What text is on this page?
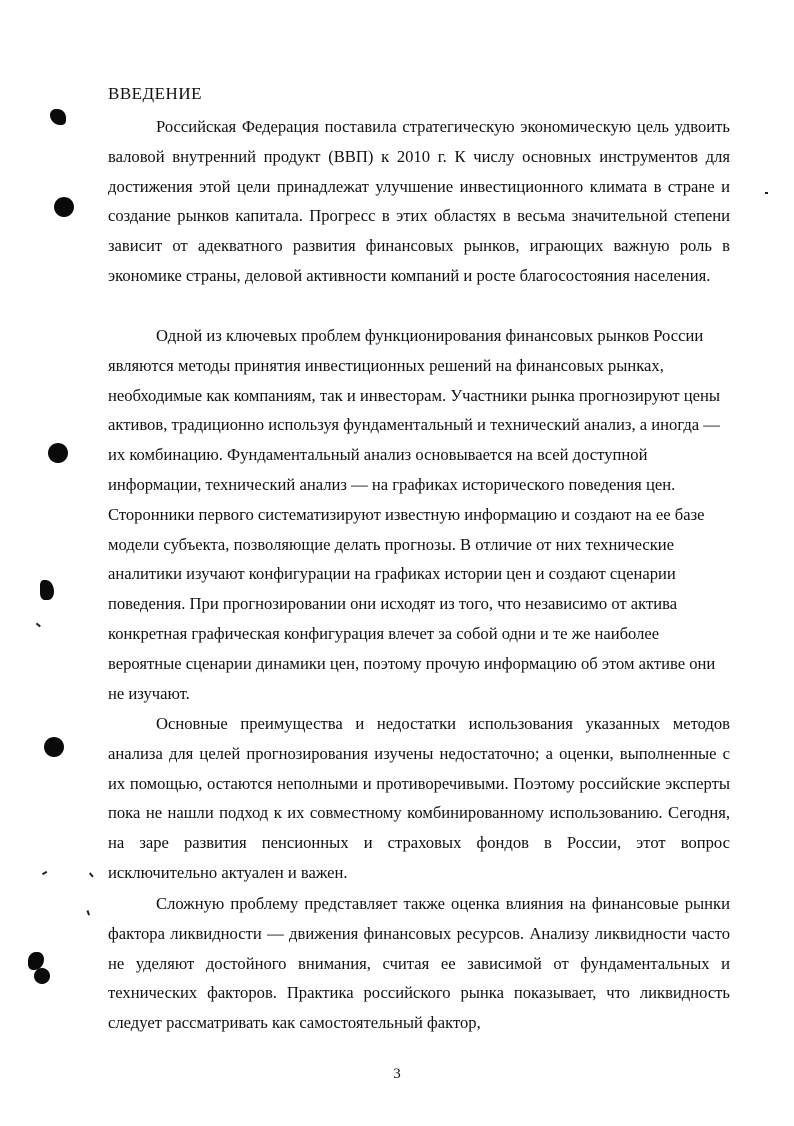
ВВЕДЕНИЕ

Российская Федерация поставила стратегическую экономическую цель удвоить валовой внутренний продукт (ВВП) к 2010 г. К числу основных инструментов для достижения этой цели принадлежат улучшение инвестиционного климата в стране и создание рынков капитала. Прогресс в этих областях в весьма значительной степени зависит от адекватного развития финансовых рынков, играющих важную роль в экономике страны, деловой активности компаний и росте благосостояния населения.

Одной из ключевых проблем функционирования финансовых рынков России являются методы принятия инвестиционных решений на финансовых рынках, необходимые как компаниям, так и инвесторам. Участники рынка прогнозируют цены активов, традиционно используя фундаментальный и технический анализ, а иногда — их комбинацию. Фундаментальный анализ основывается на всей доступной информации, технический анализ — на графиках исторического поведения цен. Сторонники первого систематизируют известную информацию и создают на ее базе модели субъекта, позволяющие делать прогнозы. В отличие от них технические аналитики изучают конфигурации на графиках истории цен и создают сценарии поведения. При прогнозировании они исходят из того, что независимо от актива конкретная графическая конфигурация влечет за собой одни и те же наиболее вероятные сценарии динамики цен, поэтому прочую информацию об этом активе они не изучают.

Основные преимущества и недостатки использования указанных методов анализа для целей прогнозирования изучены недостаточно; а оценки, выполненные с их помощью, остаются неполными и противоречивыми. Поэтому российские эксперты пока не нашли подход к их совместному комбинированному использованию. Сегодня, на заре развития пенсионных и страховых фондов в России, этот вопрос исключительно актуален и важен.

Сложную проблему представляет также оценка влияния на финансовые рынки фактора ликвидности — движения финансовых ресурсов. Анализу ликвидности часто не уделяют достойного внимания, считая ее зависимой от фундаментальных и технических факторов. Практика российского рынка показывает, что ликвидность следует рассматривать как самостоятельный фактор,

3
